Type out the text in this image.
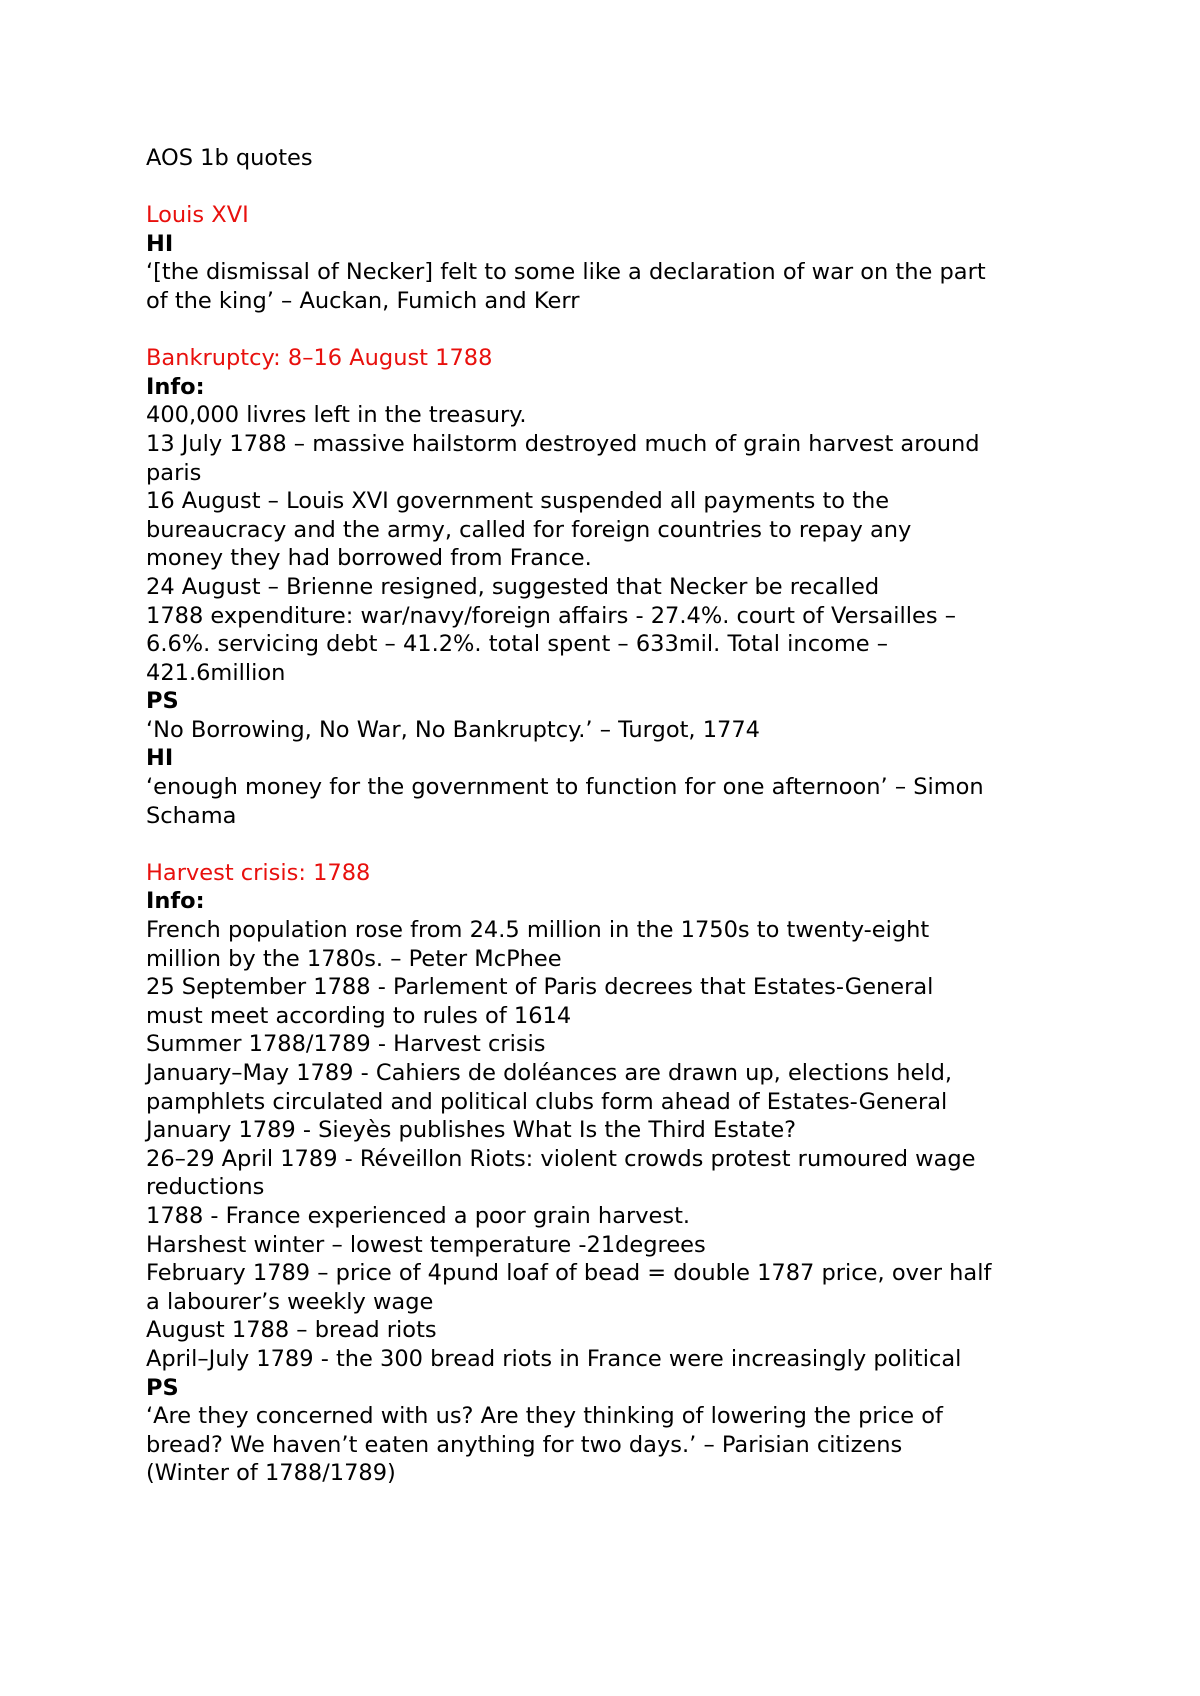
AOS 1b quotes
Louis XVI
HI
‘[the dismissal of Necker] felt to some like a declaration of war on the part
of the king’ – Auckan, Fumich and Kerr
Bankruptcy: 8–16 August 1788
Info:
400,000 livres left in the treasury.
13 July 1788 – massive hailstorm destroyed much of grain harvest around
paris
16 August – Louis XVI government suspended all payments to the
bureaucracy and the army, called for foreign countries to repay any
money they had borrowed from France.
24 August – Brienne resigned, suggested that Necker be recalled
1788 expenditure: war/navy/foreign affairs - 27.4%. court of Versailles –
6.6%. servicing debt – 41.2%. total spent – 633mil. Total income –
421.6million
PS
‘No Borrowing, No War, No Bankruptcy.’ – Turgot, 1774
HI
‘enough money for the government to function for one afternoon’ – Simon
Schama
Harvest crisis: 1788
Info:
French population rose from 24.5 million in the 1750s to twenty-eight
million by the 1780s. – Peter McPhee
25 September 1788 - Parlement of Paris decrees that Estates-General
must meet according to rules of 1614
Summer 1788/1789 - Harvest crisis
January–May 1789 - Cahiers de doléances are drawn up, elections held,
pamphlets circulated and political clubs form ahead of Estates-General
January 1789 - Sieyès publishes What Is the Third Estate?
26–29 April 1789 - Réveillon Riots: violent crowds protest rumoured wage
reductions
1788 - France experienced a poor grain harvest.
Harshest winter – lowest temperature -21degrees
February 1789 – price of 4pund loaf of bead = double 1787 price, over half
a labourer’s weekly wage
August 1788 – bread riots
April–July 1789 - the 300 bread riots in France were increasingly political
PS
‘Are they concerned with us? Are they thinking of lowering the price of
bread? We haven’t eaten anything for two days.’ – Parisian citizens
(Winter of 1788/1789)
